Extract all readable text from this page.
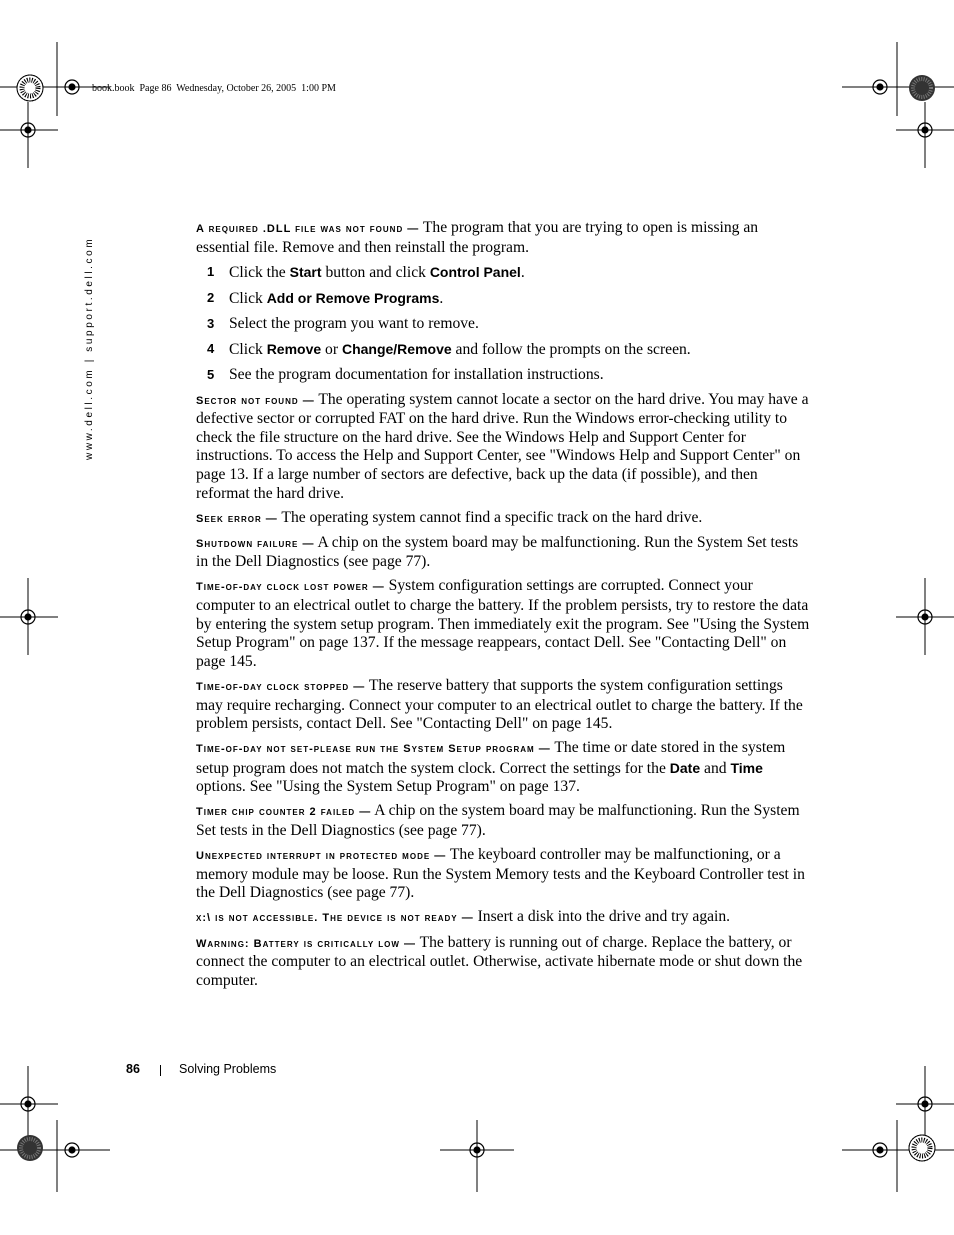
book.book  Page 86  Wednesday, October 26, 2005  1:00 PM
www.dell.com | support.dell.com
A required .DLL file was not found — The program that you are trying to open is missing an essential file. Remove and then reinstall the program.
1 Click the Start button and click Control Panel.
2 Click Add or Remove Programs.
3 Select the program you want to remove.
4 Click Remove or Change/Remove and follow the prompts on the screen.
5 See the program documentation for installation instructions.
Sector not found — The operating system cannot locate a sector on the hard drive. You may have a defective sector or corrupted FAT on the hard drive. Run the Windows error-checking utility to check the file structure on the hard drive. See the Windows Help and Support Center for instructions. To access the Help and Support Center, see "Windows Help and Support Center" on page 13. If a large number of sectors are defective, back up the data (if possible), and then reformat the hard drive.
Seek error — The operating system cannot find a specific track on the hard drive.
Shutdown failure — A chip on the system board may be malfunctioning. Run the System Set tests in the Dell Diagnostics (see page 77).
Time-of-day clock lost power — System configuration settings are corrupted. Connect your computer to an electrical outlet to charge the battery. If the problem persists, try to restore the data by entering the system setup program. Then immediately exit the program. See "Using the System Setup Program" on page 137. If the message reappears, contact Dell. See "Contacting Dell" on page 145.
Time-of-day clock stopped — The reserve battery that supports the system configuration settings may require recharging. Connect your computer to an electrical outlet to charge the battery. If the problem persists, contact Dell. See "Contacting Dell" on page 145.
Time-of-day not set-please run the System Setup program — The time or date stored in the system setup program does not match the system clock. Correct the settings for the Date and Time options. See "Using the System Setup Program" on page 137.
Timer chip counter 2 failed — A chip on the system board may be malfunctioning. Run the System Set tests in the Dell Diagnostics (see page 77).
Unexpected interrupt in protected mode — The keyboard controller may be malfunctioning, or a memory module may be loose. Run the System Memory tests and the Keyboard Controller test in the Dell Diagnostics (see page 77).
x:\ is not accessible. The device is not ready — Insert a disk into the drive and try again.
Warning: Battery is critically low — The battery is running out of charge. Replace the battery, or connect the computer to an electrical outlet. Otherwise, activate hibernate mode or shut down the computer.
86	Solving Problems
